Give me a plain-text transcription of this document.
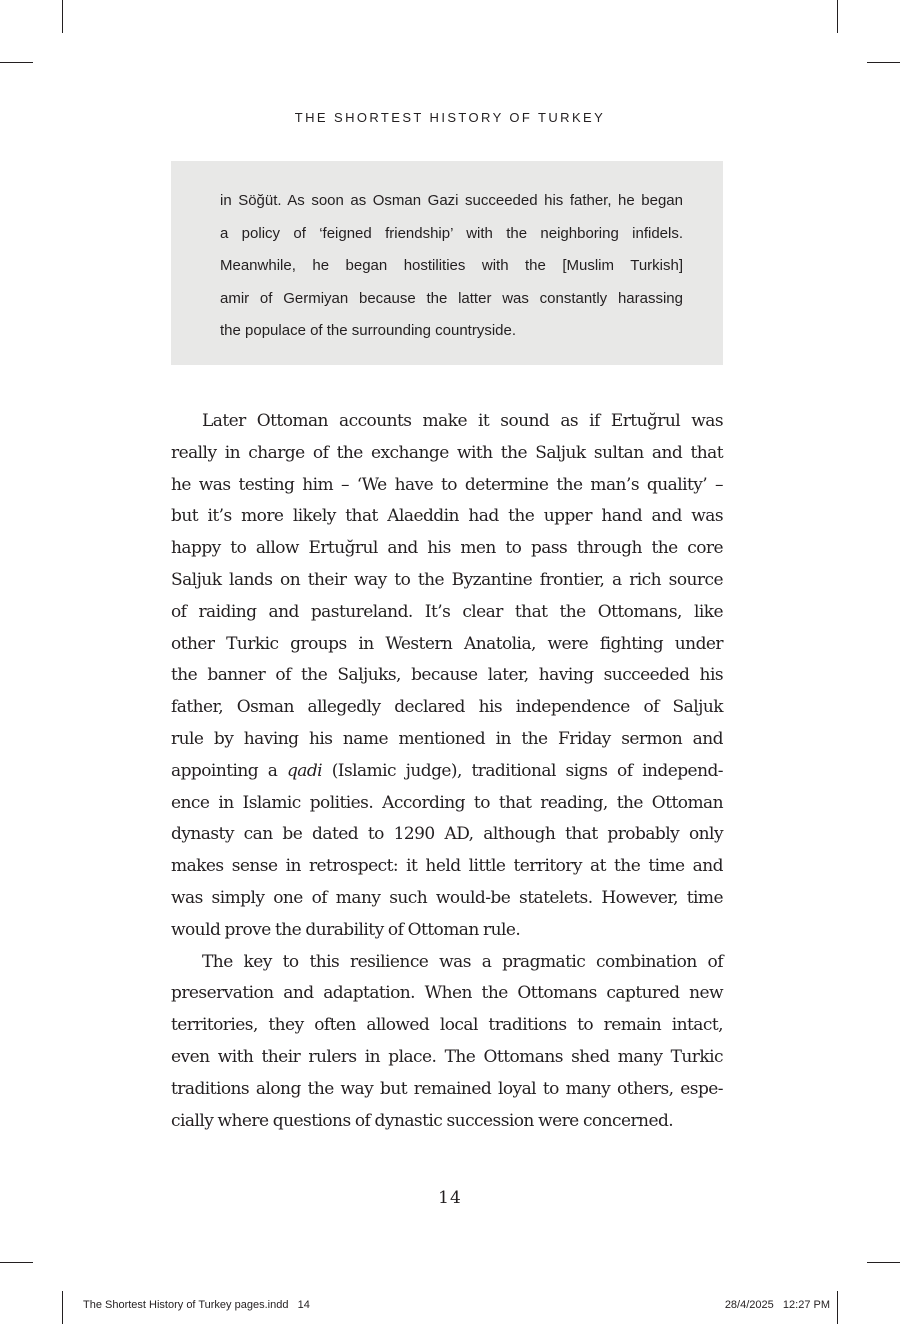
THE SHORTEST HISTORY OF TURKEY
in Söğüt. As soon as Osman Gazi succeeded his father, he began
a policy of ‘feigned friendship’ with the neighboring infidels.
Meanwhile, he began hostilities with the [Muslim Turkish]
amir of Germiyan because the latter was constantly harassing
the populace of the surrounding countryside.
Later Ottoman accounts make it sound as if Ertuğrul was
really in charge of the exchange with the Saljuk sultan and that
he was testing him – ‘We have to determine the man’s quality’ –
but it’s more likely that Alaeddin had the upper hand and was
happy to allow Ertuğrul and his men to pass through the core
Saljuk lands on their way to the Byzantine frontier, a rich source
of raiding and pastureland. It’s clear that the Ottomans, like
other Turkic groups in Western Anatolia, were fighting under
the banner of the Saljuks, because later, having succeeded his
father, Osman allegedly declared his independence of Saljuk
rule by having his name mentioned in the Friday sermon and
appointing a qadi (Islamic judge), traditional signs of independ-
ence in Islamic polities. According to that reading, the Ottoman
dynasty can be dated to 1290 AD, although that probably only
makes sense in retrospect: it held little territory at the time and
was simply one of many such would-be statelets. However, time
would prove the durability of Ottoman rule.
The key to this resilience was a pragmatic combination of
preservation and adaptation. When the Ottomans captured new
territories, they often allowed local traditions to remain intact,
even with their rulers in place. The Ottomans shed many Turkic
traditions along the way but remained loyal to many others, espe-
cially where questions of dynastic succession were concerned.
14
The Shortest History of Turkey pages.indd   14	28/4/2025   12:27 PM
